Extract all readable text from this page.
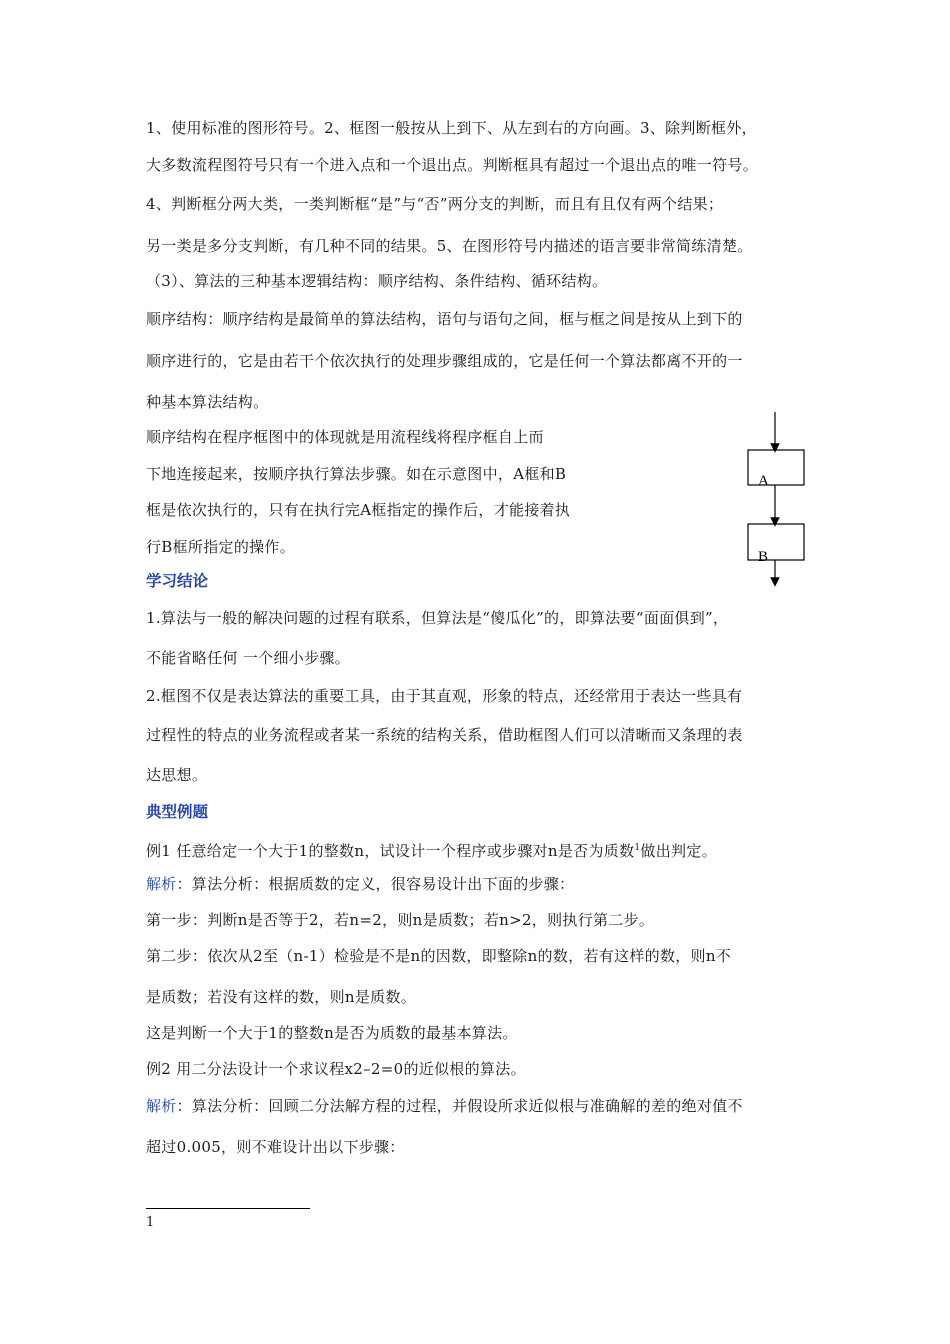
1、使用标准的图形符号。2、框图一般按从上到下、从左到右的方向画。3、除判断框外，
大多数流程图符号只有一个进入点和一个退出点。判断框具有超过一个退出点的唯一符号。
4、判断框分两大类，一类判断框“是”与“否”两分支的判断，而且有且仅有两个结果；
另一类是多分支判断，有几种不同的结果。5、在图形符号内描述的语言要非常简练清楚。
（3）、算法的三种基本逻辑结构：顺序结构、条件结构、循环结构。
顺序结构：顺序结构是最简单的算法结构，语句与语句之间，框与框之间是按从上到下的
顺序进行的，它是由若干个依次执行的处理步骤组成的，它是任何一个算法都离不开的一
种基本算法结构。
顺序结构在程序框图中的体现就是用流程线将程序框自上而
下地连接起来，按顺序执行算法步骤。如在示意图中，A框和B
框是依次执行的，只有在执行完A框指定的操作后，才能接着执
行B框所指定的操作。
A
B
学习结论
1.算法与一般的解决问题的过程有联系，但算法是“傻瓜化”的，即算法要“面面俱到”，
不能省略任何 一个细小步骤。
2.框图不仅是表达算法的重要工具，由于其直观，形象的特点，还经常用于表达一些具有
过程性的特点的业务流程或者某一系统的结构关系，借助框图人们可以清晰而又条理的表
达思想。
典型例题
例1 任意给定一个大于1的整数n，试设计一个程序或步骤对n是否为质数$^1$做出判定。
解析：算法分析：根据质数的定义，很容易设计出下面的步骤：
第一步：判断n是否等于2，若n=2，则n是质数；若n>2，则执行第二步。
第二步：依次从2至（n-1）检验是不是n的因数，即整除n的数，若有这样的数，则n不
是质数；若没有这样的数，则n是质数。
这是判断一个大于1的整数n是否为质数的最基本算法。
例2 用二分法设计一个求议程x2–2=0的近似根的算法。
解析：算法分析：回顾二分法解方程的过程，并假设所求近似根与准确解的差的绝对值不
超过0.005，则不难设计出以下步骤：
1
